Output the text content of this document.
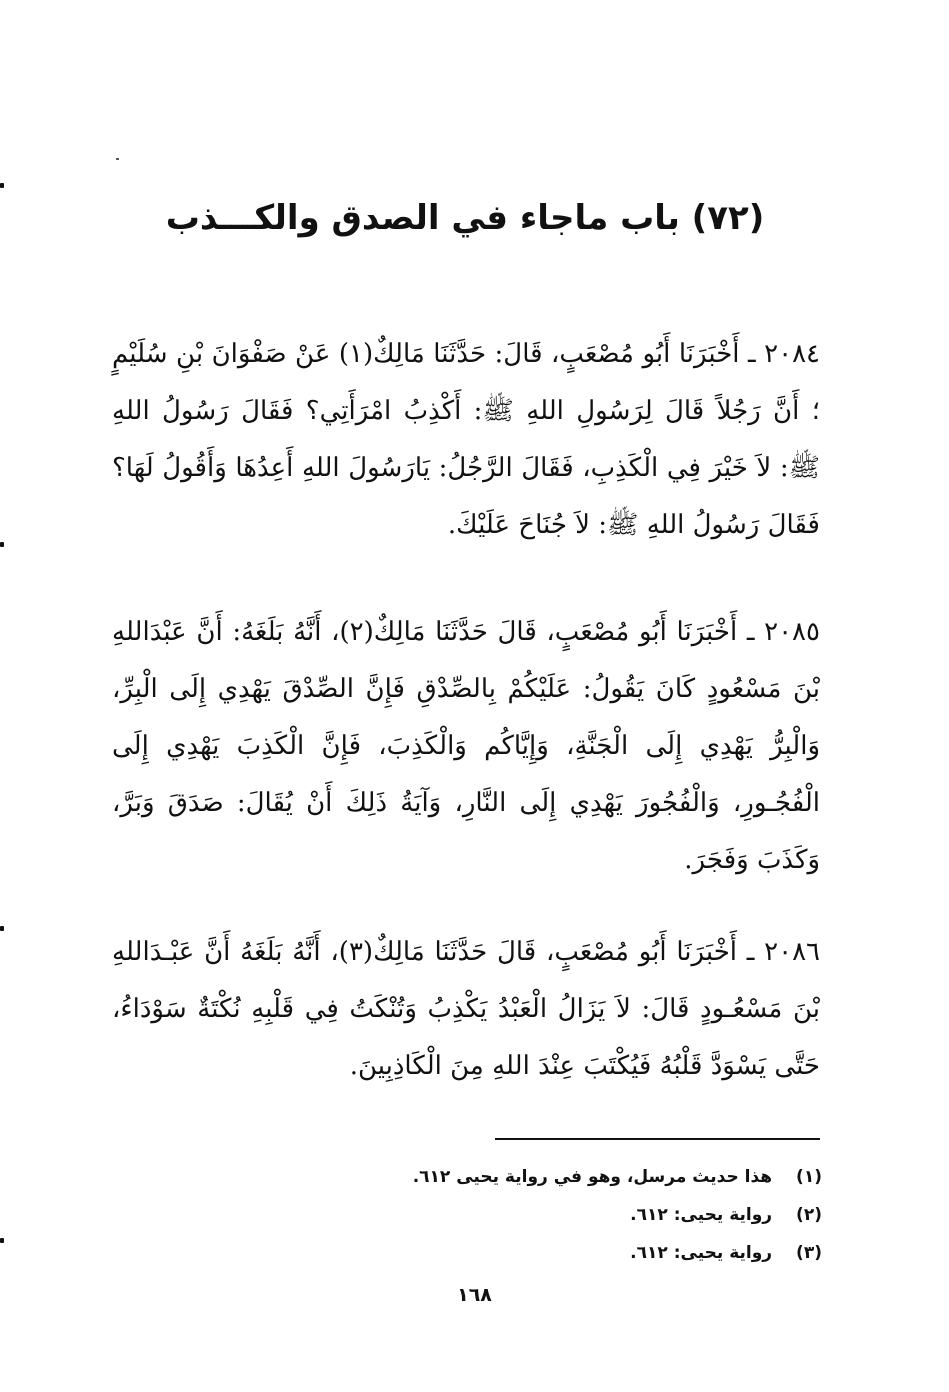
(٧٢) باب ماجاء في الصدق والكـــذب

٢٠٨٤ ـ أَخْبَرَنَا أَبُو مُصْعَبٍ، قَالَ: حَدَّثَنَا مَالِكٌ(١) عَنْ صَفْوَانَ بْنِ سُلَيْمٍ ؛ أَنَّ رَجُلاً قَالَ لِرَسُولِ اللهِ ﷺ: أَكْذِبُ امْرَأَتِي؟ فَقَالَ رَسُولُ اللهِ ﷺ: لاَ خَيْرَ فِي الْكَذِبِ، فَقَالَ الرَّجُلُ: يَارَسُولَ اللهِ أَعِدُهَا وَأَقُولُ لَهَا؟ فَقَالَ رَسُولُ اللهِ ﷺ: لاَ جُنَاحَ عَلَيْكَ.

٢٠٨٥ ـ أَخْبَرَنَا أَبُو مُصْعَبٍ، قَالَ حَدَّثَنَا مَالِكٌ(٢)، أَنَّهُ بَلَغَهُ: أَنَّ عَبْدَاللهِ بْنَ مَسْعُودٍ كَانَ يَقُولُ: عَلَيْكُمْ بِالصِّدْقِ فَإِنَّ الصِّدْقَ يَهْدِي إِلَى الْبِرِّ، وَالْبِرُّ يَهْدِي إِلَى الْجَنَّةِ، وَإِيَّاكُم وَالْكَذِبَ، فَإِنَّ الْكَذِبَ يَهْدِي إِلَى الْفُجُـورِ، وَالْفُجُورَ يَهْدِي إِلَى النَّارِ، وَآيَةُ ذَلِكَ أَنْ يُقَالَ: صَدَقَ وَبَرَّ، وَكَذَبَ وَفَجَرَ.

٢٠٨٦ ـ أَخْبَرَنَا أَبُو مُصْعَبٍ، قَالَ حَدَّثَنَا مَالِكٌ(٣)، أَنَّهُ بَلَغَهُ أَنَّ عَبْـدَاللهِ بْنَ مَسْعُـودٍ قَالَ: لاَ يَزَالُ الْعَبْدُ يَكْذِبُ وَتُنْكَتُ فِي قَلْبِهِ نُكْتَةٌ سَوْدَاءُ، حَتَّى يَسْوَدَّ قَلْبُهُ فَيُكْتَبَ عِنْدَ اللهِ مِنَ الْكَاذِبِينَ.

(١) هذا حديث مرسل، وهو في رواية يحيى ٦١٢.
(٢) رواية يحيى: ٦١٢.
(٣) رواية يحيى: ٦١٢.
١٦٨
